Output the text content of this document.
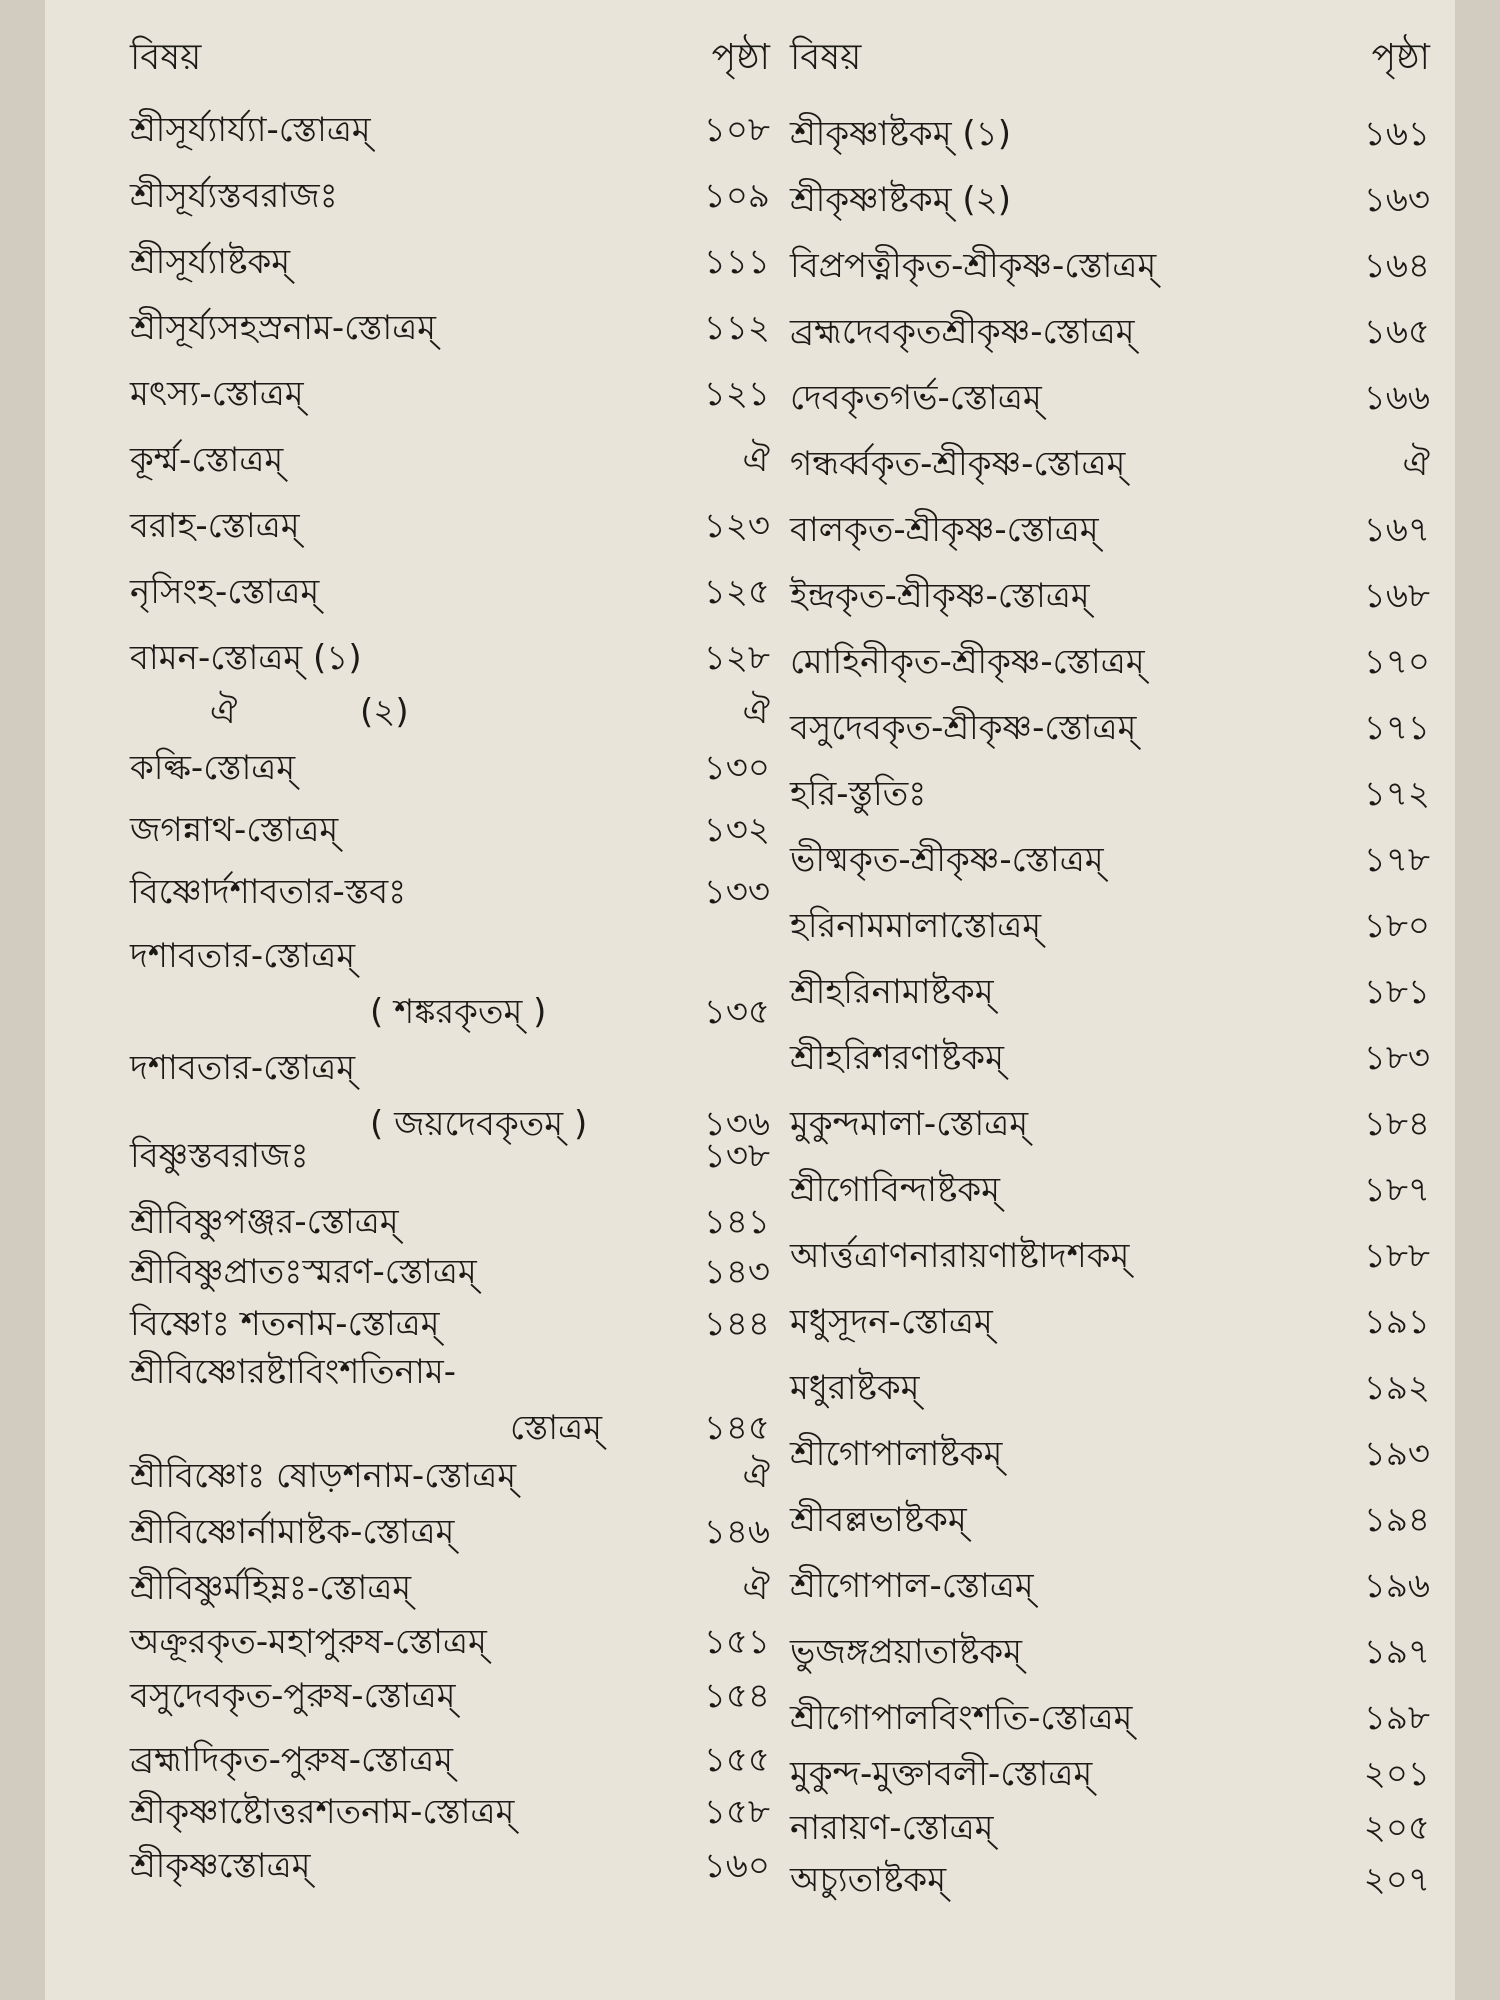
বিষয়	পৃষ্ঠা
শ্রীসূর্য্যার্য্যা-স্তোত্রম্	১০৮
শ্রীসূর্য্যস্তবরাজঃ	১০৯
শ্রীসূর্য্যাষ্টকম্	১১১
শ্রীসূর্য্যসহস্রনাম-স্তোত্রম্	১১২
মৎস্য-স্তোত্রম্	১২১
কূর্ম্ম-স্তোত্রম্	ঐ
বরাহ-স্তোত্রম্	১২৩
নৃসিংহ-স্তোত্রম্	১২৫
বামন-স্তোত্রম্ (১)	১২৮
ঐ	(২)	ঐ
কল্কি-স্তোত্রম্	১৩০
জগন্নাথ-স্তোত্রম্	১৩২
বিষ্ণোর্দশাবতার-স্তবঃ	১৩৩
দশাবতার-স্তোত্রম্
( শঙ্করকৃতম্ )	১৩৫
দশাবতার-স্তোত্রম্
( জয়দেবকৃতম্ )	১৩৬
বিষ্ণুস্তবরাজঃ	১৩৮
শ্রীবিষ্ণুপঞ্জর-স্তোত্রম্	১৪১
শ্রীবিষ্ণুপ্রাতঃস্মরণ-স্তোত্রম্	১৪৩
বিষ্ণোঃ শতনাম-স্তোত্রম্	১৪৪
শ্রীবিষ্ণোরষ্টাবিংশতিনাম-
স্তোত্রম্	১৪৫
শ্রীবিষ্ণোঃ ষোড়শনাম-স্তোত্রম্	ঐ
শ্রীবিষ্ণোর্নামাষ্টক-স্তোত্রম্	১৪৬
শ্রীবিষ্ণুর্মহিম্নঃ-স্তোত্রম্	ঐ
অক্রূরকৃত-মহাপুরুষ-স্তোত্রম্	১৫১
বসুদেবকৃত-পুরুষ-স্তোত্রম্	১৫৪
ব্রহ্মাদিকৃত-পুরুষ-স্তোত্রম্	১৫৫
শ্রীকৃষ্ণাষ্টোত্তরশতনাম-স্তোত্রম্	১৫৮
শ্রীকৃষ্ণস্তোত্রম্	১৬০
বিষয়	পৃষ্ঠা
শ্রীকৃষ্ণাষ্টকম্ (১)	১৬১
শ্রীকৃষ্ণাষ্টকম্ (২)	১৬৩
বিপ্রপত্নীকৃত-শ্রীকৃষ্ণ-স্তোত্রম্	১৬৪
ব্রহ্মদেবকৃতশ্রীকৃষ্ণ-স্তোত্রম্	১৬৫
দেবকৃতগর্ভ-স্তোত্রম্	১৬৬
গন্ধর্ব্বকৃত-শ্রীকৃষ্ণ-স্তোত্রম্	ঐ
বালকৃত-শ্রীকৃষ্ণ-স্তোত্রম্	১৬৭
ইন্দ্রকৃত-শ্রীকৃষ্ণ-স্তোত্রম্	১৬৮
মোহিনীকৃত-শ্রীকৃষ্ণ-স্তোত্রম্	১৭০
বসুদেবকৃত-শ্রীকৃষ্ণ-স্তোত্রম্	১৭১
হরি-স্তুতিঃ	১৭২
ভীষ্মকৃত-শ্রীকৃষ্ণ-স্তোত্রম্	১৭৮
হরিনামমালাস্তোত্রম্	১৮০
শ্রীহরিনামাষ্টকম্	১৮১
শ্রীহরিশরণাষ্টকম্	১৮৩
মুকুন্দমালা-স্তোত্রম্	১৮৪
শ্রীগোবিন্দাষ্টকম্	১৮৭
আর্ত্তত্রাণনারায়ণাষ্টাদশকম্	১৮৮
মধুসূদন-স্তোত্রম্	১৯১
মধুরাষ্টকম্	১৯২
শ্রীগোপালাষ্টকম্	১৯৩
শ্রীবল্লভাষ্টকম্	১৯৪
শ্রীগোপাল-স্তোত্রম্	১৯৬
ভুজঙ্গপ্রয়াতাষ্টকম্	১৯৭
শ্রীগোপালবিংশতি-স্তোত্রম্	১৯৮
মুকুন্দ-মুক্তাবলী-স্তোত্রম্	২০১
নারায়ণ-স্তোত্রম্	২০৫
অচ্যুতাষ্টকম্	২০৭
